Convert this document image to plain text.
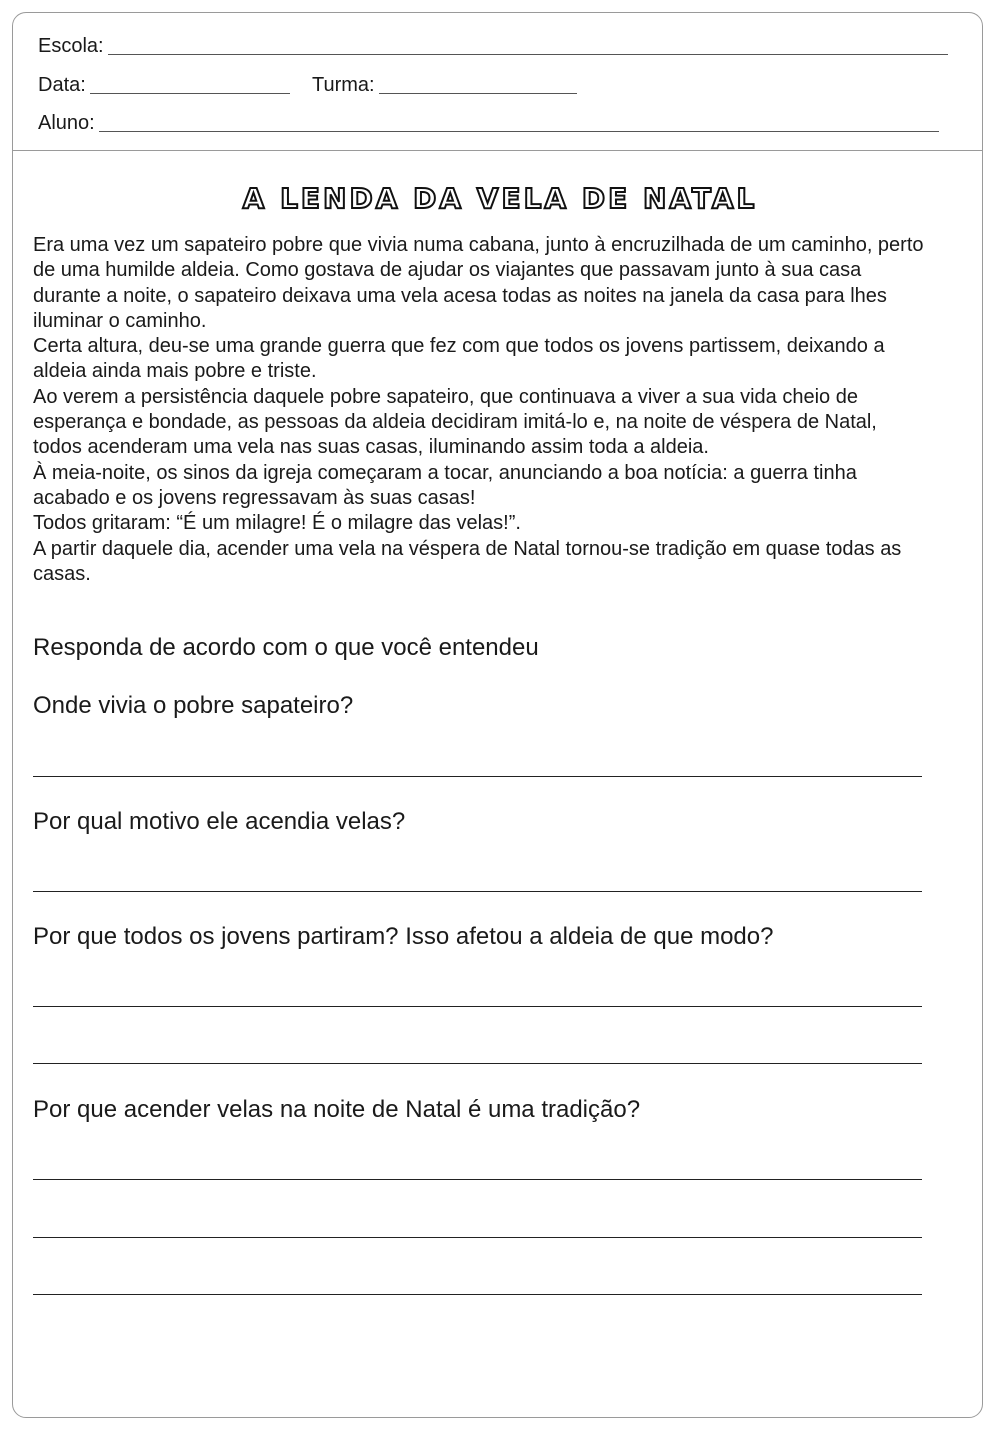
Escola:
Data:	Turma:
Aluno:
A LENDA DA VELA DE NATAL

Era uma vez um sapateiro pobre que vivia numa cabana, junto à encruzilhada de um caminho, perto de uma humilde aldeia. Como gostava de ajudar os viajantes que passavam junto à sua casa durante a noite, o sapateiro deixava uma vela acesa todas as noites na janela da casa para lhes iluminar o caminho.

Certa altura, deu-se uma grande guerra que fez com que todos os jovens partissem, deixando a aldeia ainda mais pobre e triste.

Ao verem a persistência daquele pobre sapateiro, que continuava a viver a sua vida cheio de esperança e bondade, as pessoas da aldeia decidiram imitá-lo e, na noite de véspera de Natal, todos acenderam uma vela nas suas casas, iluminando assim toda a aldeia.

À meia-noite, os sinos da igreja começaram a tocar, anunciando a boa notícia: a guerra tinha acabado e os jovens regressavam às suas casas!

Todos gritaram: “É um milagre! É o milagre das velas!”.

A partir daquele dia, acender uma vela na véspera de Natal tornou-se tradição em quase todas as casas.

Responda de acordo com o que você entendeu
Onde vivia o pobre sapateiro?
Por qual motivo ele acendia velas?
Por que todos os jovens partiram? Isso afetou a aldeia de que modo?
Por que acender velas na noite de Natal é uma tradição?
